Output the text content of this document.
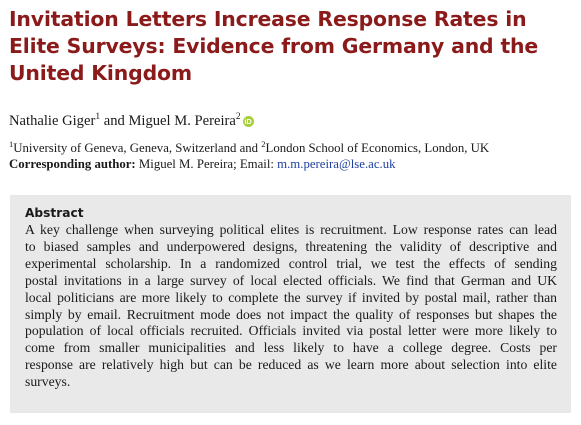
Invitation Letters Increase Response Rates in
Elite Surveys: Evidence from Germany and the
United Kingdom
Nathalie Giger$^1$ and Miguel M. Pereira$^2$ iD
$^1$University of Geneva, Geneva, Switzerland and $^2$London School of Economics, London, UK
Corresponding author: Miguel M. Pereira; Email: m.m.pereira@lse.ac.uk
Abstract

A key challenge when surveying political elites is recruitment. Low response rates can lead
to biased samples and underpowered designs, threatening the validity of descriptive and
experimental scholarship. In a randomized control trial, we test the effects of sending
postal invitations in a large survey of local elected officials. We find that German and UK
local politicians are more likely to complete the survey if invited by postal mail, rather than
simply by email. Recruitment mode does not impact the quality of responses but shapes the
population of local officials recruited. Officials invited via postal letter were more likely to
come from smaller municipalities and less likely to have a college degree. Costs per
response are relatively high but can be reduced as we learn more about selection into elite
surveys.
